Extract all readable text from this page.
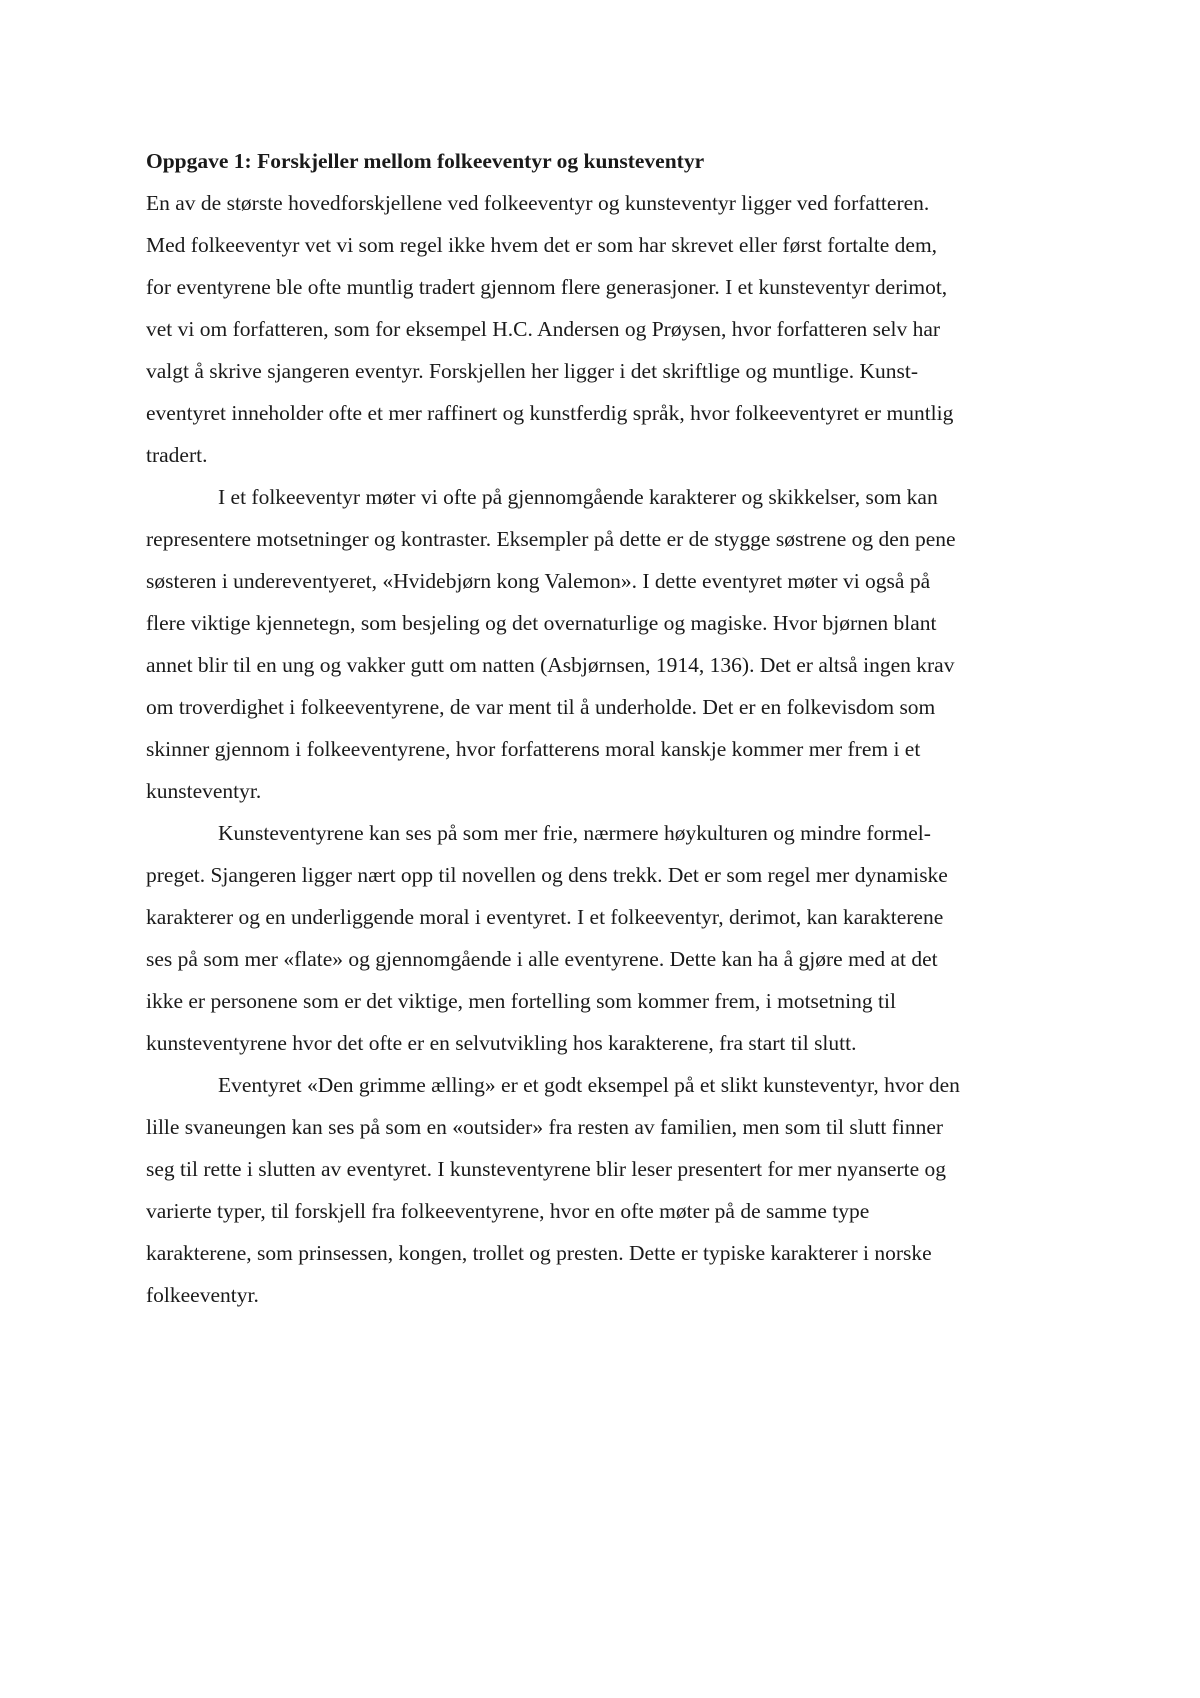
Oppgave 1: Forskjeller mellom folkeeventyr og kunsteventyr
En av de største hovedforskjellene ved folkeeventyr og kunsteventyr ligger ved forfatteren.
Med folkeeventyr vet vi som regel ikke hvem det er som har skrevet eller først fortalte dem,
for eventyrene ble ofte muntlig tradert gjennom flere generasjoner. I et kunsteventyr derimot,
vet vi om forfatteren, som for eksempel H.C. Andersen og Prøysen, hvor forfatteren selv har
valgt å skrive sjangeren eventyr. Forskjellen her ligger i det skriftlige og muntlige. Kunst-
eventyret inneholder ofte et mer raffinert og kunstferdig språk, hvor folkeeventyret er muntlig
tradert.
I et folkeeventyr møter vi ofte på gjennomgående karakterer og skikkelser, som kan
representere motsetninger og kontraster. Eksempler på dette er de stygge søstrene og den pene
søsteren i undereventyeret, «Hvidebjørn kong Valemon». I dette eventyret møter vi også på
flere viktige kjennetegn, som besjeling og det overnaturlige og magiske. Hvor bjørnen blant
annet blir til en ung og vakker gutt om natten (Asbjørnsen, 1914, 136). Det er altså ingen krav
om troverdighet i folkeeventyrene, de var ment til å underholde. Det er en folkevisdom som
skinner gjennom i folkeeventyrene, hvor forfatterens moral kanskje kommer mer frem i et
kunsteventyr.
Kunsteventyrene kan ses på som mer frie, nærmere høykulturen og mindre formel-
preget. Sjangeren ligger nært opp til novellen og dens trekk. Det er som regel mer dynamiske
karakterer og en underliggende moral i eventyret. I et folkeeventyr, derimot, kan karakterene
ses på som mer «flate» og gjennomgående i alle eventyrene. Dette kan ha å gjøre med at det
ikke er personene som er det viktige, men fortelling som kommer frem, i motsetning til
kunsteventyrene hvor det ofte er en selvutvikling hos karakterene, fra start til slutt.
Eventyret «Den grimme ælling» er et godt eksempel på et slikt kunsteventyr, hvor den
lille svaneungen kan ses på som en «outsider» fra resten av familien, men som til slutt finner
seg til rette i slutten av eventyret. I kunsteventyrene blir leser presentert for mer nyanserte og
varierte typer, til forskjell fra folkeeventyrene, hvor en ofte møter på de samme type
karakterene, som prinsessen, kongen, trollet og presten. Dette er typiske karakterer i norske
folkeeventyr.
